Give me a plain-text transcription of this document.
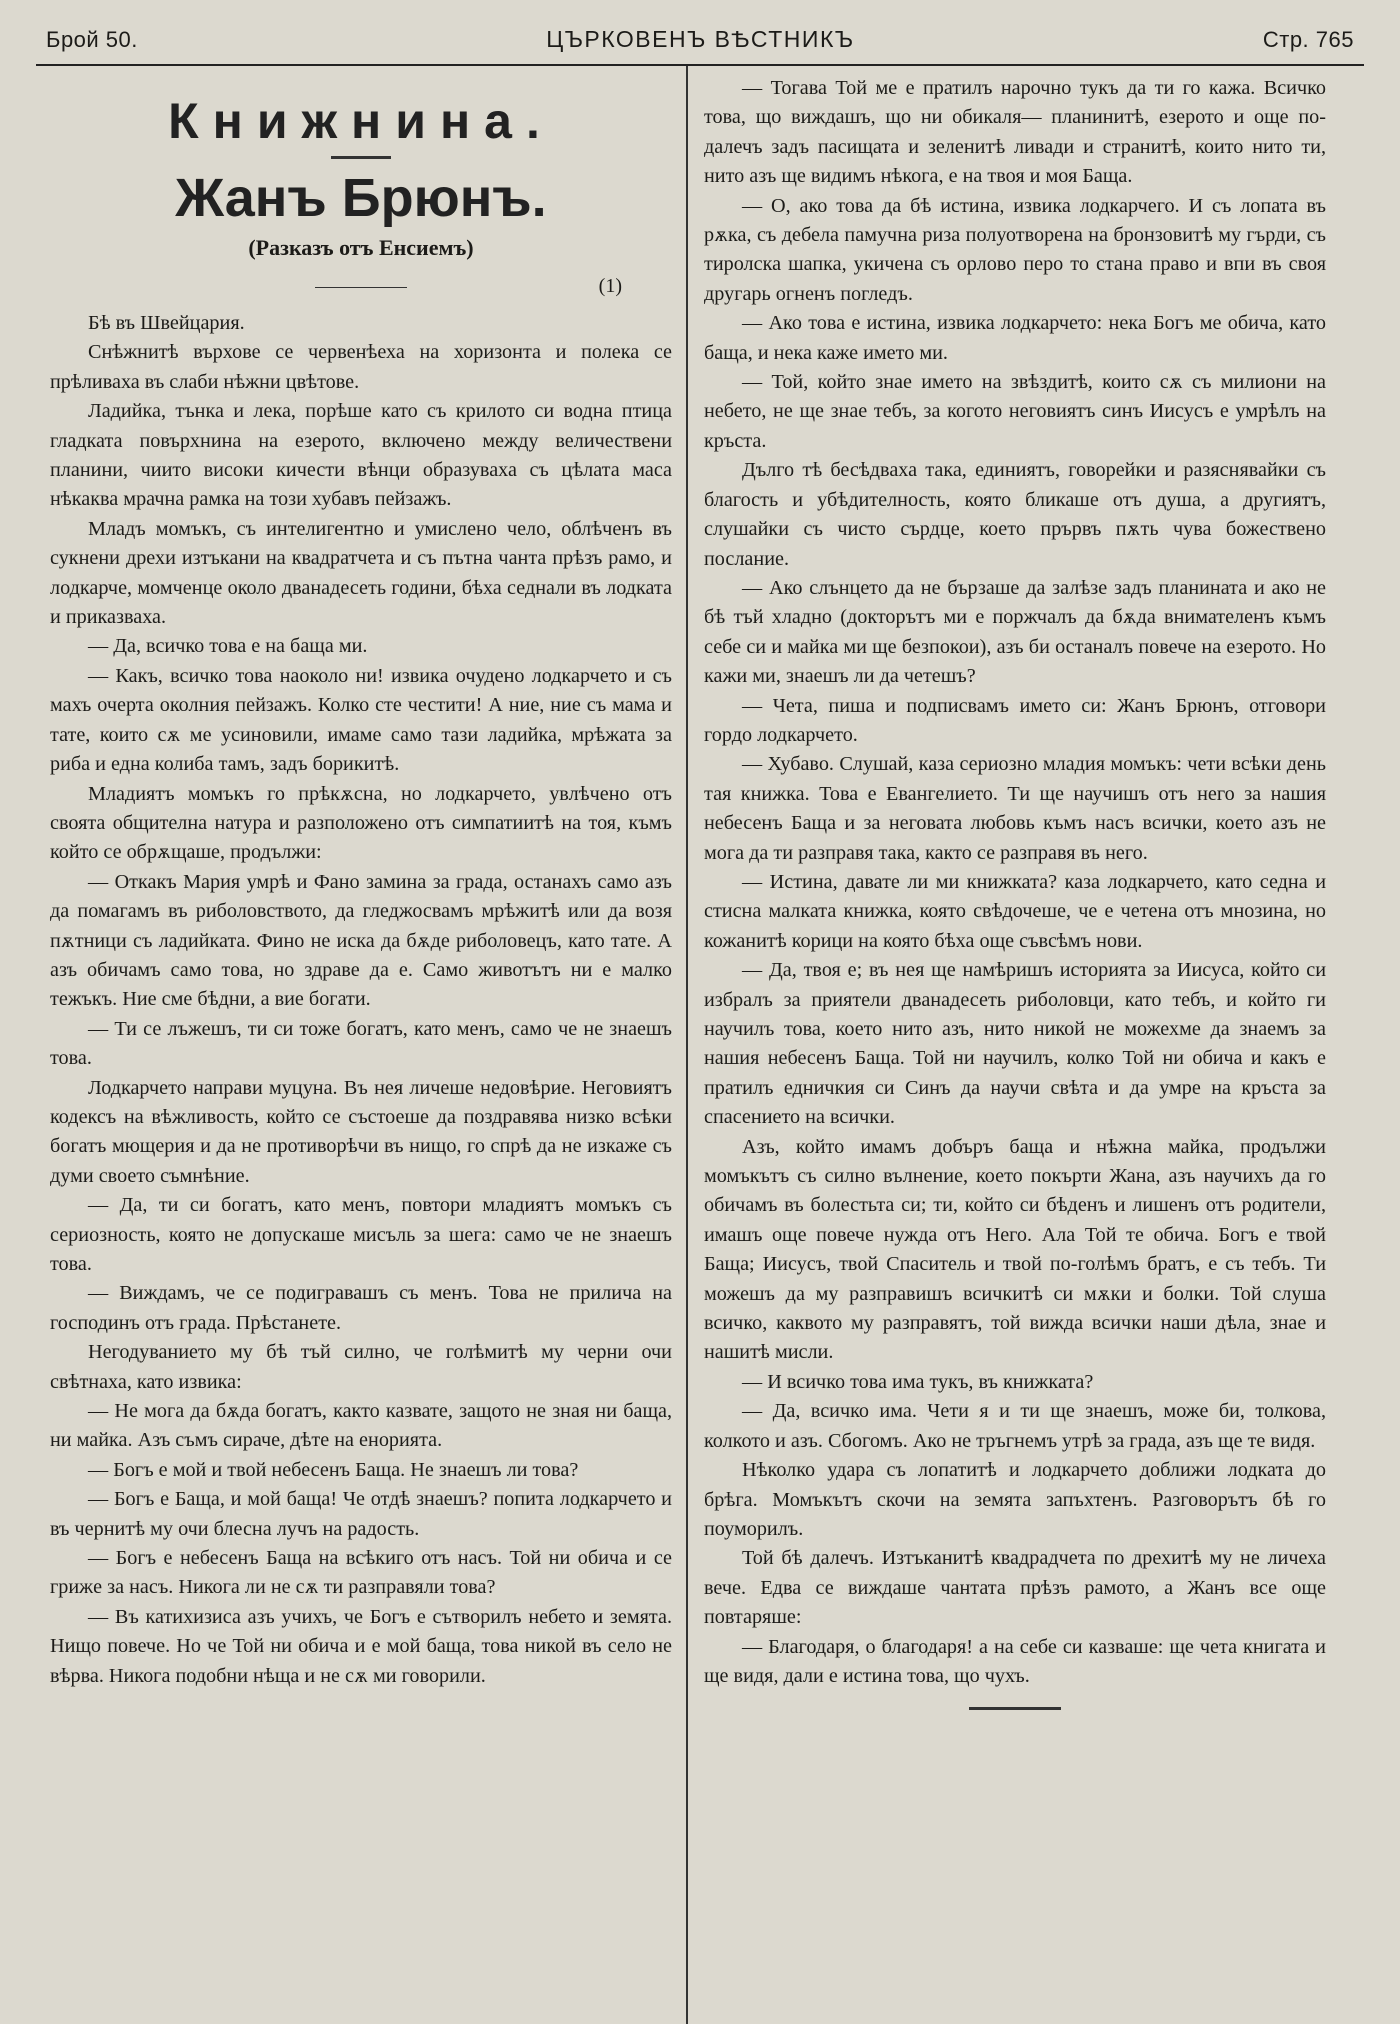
Брой 50.	ЦЪРКОВЕНЪ ВѢСТНИКЪ	Стр. 765
Книжнина.
Жанъ Брюнъ.
(Разказъ отъ Енсиемъ)
(1)

Бѣ въ Швейцария.

Снѣжнитѣ върхове се червенѣеха на хоризонта и полека се прѣливаха въ слаби нѣжни цвѣтове.

Ладийка, тънка и лека, порѣше като съ крилото си водна птица гладката повърхнина на езерото, включено между величествени планини, чиито високи кичести вѣнци образуваха съ цѣлата маса нѣкаква мрачна рамка на този хубавъ пейзажъ.

Младъ момъкъ, съ интелигентно и умислено чело, облѣченъ въ сукнени дрехи изтъкани на квадратчета и съ пътна чанта прѣзъ рамо, и лодкарче, момченце около дванадесеть години, бѣха седнали въ лодката и приказваха.

— Да, всичко това е на баща ми.

— Какъ, всичко това наоколо ни! извика очудено лодкарчето и съ махъ очерта околния пейзажъ. Колко сте честити! А ние, ние съ мама и тате, които сѫ ме усиновили, имаме само тази ладийка, мрѣжата за риба и една колиба тамъ, задъ борикитѣ.

Младиятъ момъкъ го прѣкѫсна, но лодкарчето, увлѣчено отъ своята общителна натура и разположено отъ симпатиитѣ на тоя, къмъ който се обрѫщаше, продължи:

— Откакъ Мария умрѣ и Фано замина за града, останахъ само азъ да помагамъ въ риболовството, да гледжосвамъ мрѣжитѣ или да возя пѫтници съ ладийката. Фино не иска да бѫде риболовецъ, като тате. А азъ обичамъ само това, но здраве да е. Само животътъ ни е малко тежъкъ. Ние сме бѣдни, а вие богати.

— Ти се лъжешъ, ти си тоже богатъ, като менъ, само че не знаешъ това.

Лодкарчето направи муцуна. Въ нея личеше недовѣрие. Неговиятъ кодексъ на вѣжливость, който се състоеше да поздравява низко всѣки богатъ мющерия и да не противорѣчи въ нищо, го спрѣ да не изкаже съ думи своето съмнѣние.

— Да, ти си богатъ, като менъ, повтори младиятъ момъкъ съ сериозность, която не допускаше мисъль за шега: само че не знаешъ това.

— Виждамъ, че се подигравашъ съ менъ. Това не прилича на господинъ отъ града. Прѣстанете.

Негодуванието му бѣ тъй силно, че голѣмитѣ му черни очи свѣтнаха, като извика:

— Не мога да бѫда богатъ, както казвате, защото не зная ни баща, ни майка. Азъ съмъ сираче, дѣте на енорията.

— Богъ е мой и твой небесенъ Баща. Не знаешъ ли това?

— Богъ е Баща, и мой баща! Че отдѣ знаешъ? попита лодкарчето и въ чернитѣ му очи блесна лучъ на радость.

— Богъ е небесенъ Баща на всѣкиго отъ насъ. Той ни обича и се грижe за насъ. Никога ли не сѫ ти разправяли това?

— Въ катихизиса азъ учихъ, че Богъ е сътворилъ небето и земята. Нищо повече. Но че Той ни обича и е мой баща, това никой въ село не вѣрва. Никога подобни нѣща и не сѫ ми говорили.

— Тогава Той ме е пратилъ нарочно тукъ да ти го кажа. Всичко това, що виждашъ, що ни обикаля— планинитѣ, езерото и още по-далечъ задъ пасищата и зеленитѣ ливади и странитѣ, които нито ти, нито азъ ще видимъ нѣкога, е на твоя и моя Баща.

— О, ако това да бѣ истина, извика лодкарчего. И съ лопата въ рѫка, съ дебела памучна риза полуотворена на бронзовитѣ му гърди, съ тиролска шапка, укичена съ орлово перо то стана право и впи въ своя другарь огненъ погледъ.

— Ако това е истина, извика лодкарчето: нека Богъ ме обича, като баща, и нека каже името ми.

— Той, който знае името на звѣздитѣ, които сѫ съ милиони на небето, не ще знае тебъ, за когото неговиятъ синъ Иисусъ е умрѣлъ на кръста.

Дълго тѣ бесѣдваха така, единиятъ, говорейки и разяснявайки съ благость и убѣдителность, която бликаше отъ душа, а другиятъ, слушайки съ чисто сърдце, което прървъ пѫть чува божественo послание.

— Ако слънцето да не бързаше да залѣзе задъ планината и ако не бѣ тъй хладно (докторътъ ми е поржчалъ да бѫда внимателенъ къмъ себе си и майка ми ще безпокои), азъ би останалъ повече на езерото. Но кажи ми, знаешъ ли да четешъ?

— Чета, пиша и подписвамъ името си: Жанъ Брюнъ, отговори гордо лодкарчето.

— Хубаво. Слушай, каза сериозно младия момъкъ: чети всѣки день тая книжка. Това е Евангелието. Ти ще научишъ отъ него за нашия небесенъ Баща и за неговата любовь къмъ насъ всички, което азъ не мога да ти разправя така, както се разправя въ него.

— Истина, давате ли ми книжката? каза лодкарчето, като седна и стисна малката книжка, която свѣдочеше, че е четена отъ мнозина, но кожанитѣ корици на която бѣха още съвсѣмъ нови.

— Да, твоя е; въ нея ще намѣришъ историята за Иисуса, който си избралъ за приятели дванадесеть риболовци, като тебъ, и който ги научилъ това, което нито азъ, нито никой не можехме да знаемъ за нашия небесенъ Баща. Той ни научилъ, колко Той ни обича и какъ е пратилъ едничкия си Синъ да научи свѣта и да умре на кръста за спасението на всички.

Азъ, който имамъ добъръ баща и нѣжна майка, продължи момъкътъ съ силно вълнение, което покърти Жана, азъ научихъ да го обичамъ въ болестьта си; ти, който си бѣденъ и лишенъ отъ родители, имашъ още повече нужда отъ Него. Ала Той те обича. Богъ е твой Баща; Иисусъ, твой Спаситель и твой по-голѣмъ братъ, е съ тебъ. Ти можешъ да му разправишъ всичкитѣ си мѫки и болки. Той слуша всичко, каквото му разправятъ, той вижда всички наши дѣла, знае и нашитѣ мисли.

— И всичко това има тукъ, въ книжката?

— Да, всичко има. Чети я и ти ще знаешъ, може би, толкова, колкото и азъ. Сбогомъ. Ако не тръгнемъ утрѣ за града, азъ ще те видя.

Нѣколко удара съ лопатитѣ и лодкарчето доближи лодката до брѣга. Момъкътъ скочи на земята запъхтенъ. Разговорътъ бѣ го поуморилъ.

Той бѣ далечъ. Изтъканитѣ квадрадчета по дрехитѣ му не личеха вече. Едва се виждаше чантата прѣзъ рамото, а Жанъ все още повтаряше:

— Благодаря, о благодаря! а на себе си казваше: ще чета книгата и ще видя, дали е истина това, що чухъ.
